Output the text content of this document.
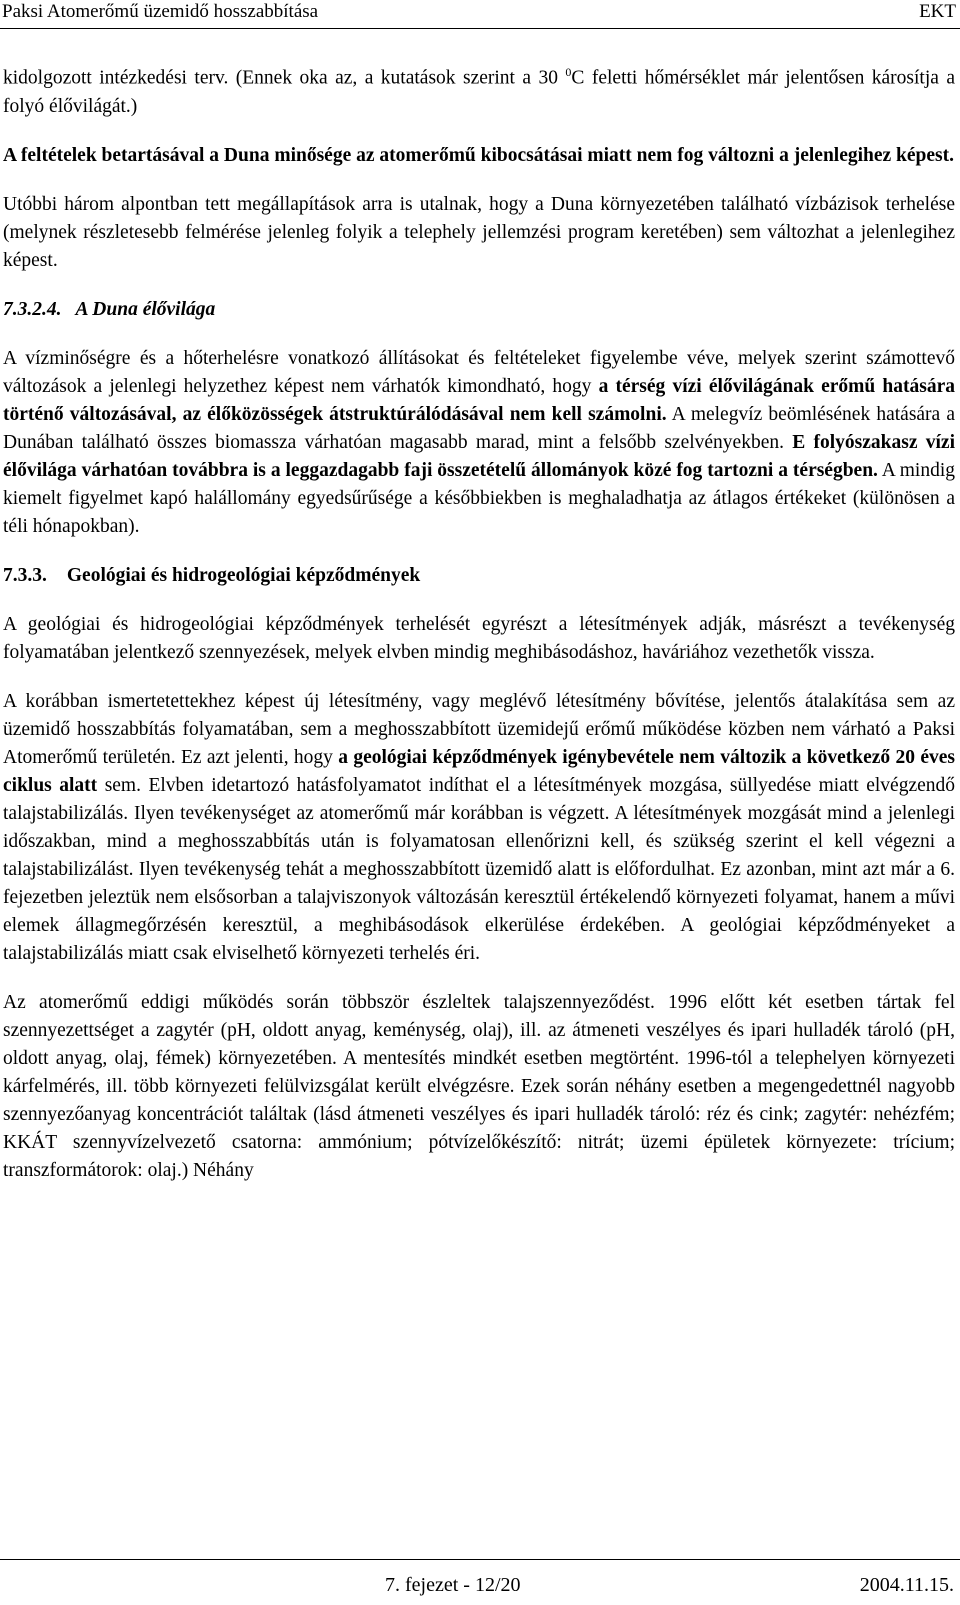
Paksi Atomerőmű üzemidő hosszabbítása	EKT

kidolgozott intézkedési terv. (Ennek oka az, a kutatások szerint a 30 $^0$C feletti hőmérséklet már jelentősen károsítja a folyó élővilágát.)

A feltételek betartásával a Duna minősége az atomerőmű kibocsátásai miatt nem fog változni a jelenlegihez képest.

Utóbbi három alpontban tett megállapítások arra is utalnak, hogy a Duna környezetében található vízbázisok terhelése (melynek részletesebb felmérése jelenleg folyik a telephely jellemzési program keretében) sem változhat a jelenlegihez képest.

7.3.2.4. A Duna élővilága

A vízminőségre és a hőterhelésre vonatkozó állításokat és feltételeket figyelembe véve, melyek szerint számottevő változások a jelenlegi helyzethez képest nem várhatók kimondható, hogy a térség vízi élővilágának erőmű hatására történő változásával, az élőközösségek átstruktúrálódásával nem kell számolni. A melegvíz beömlésének hatására a Dunában található összes biomassza várhatóan magasabb marad, mint a felsőbb szelvényekben. E folyószakasz vízi élővilága várhatóan továbbra is a leggazdagabb faji összetételű állományok közé fog tartozni a térségben. A mindig kiemelt figyelmet kapó halállomány egyedsűrűsége a későbbiekben is meghaladhatja az átlagos értékeket (különösen a téli hónapokban).

7.3.3. Geológiai és hidrogeológiai képződmények

A geológiai és hidrogeológiai képződmények terhelését egyrészt a létesítmények adják, másrészt a tevékenység folyamatában jelentkező szennyezések, melyek elvben mindig meghibásodáshoz, haváriához vezethetők vissza.

A korábban ismertetettekhez képest új létesítmény, vagy meglévő létesítmény bővítése, jelentős átalakítása sem az üzemidő hosszabbítás folyamatában, sem a meghosszabbított üzemidejű erőmű működése közben nem várható a Paksi Atomerőmű területén. Ez azt jelenti, hogy a geológiai képződmények igénybevétele nem változik a következő 20 éves ciklus alatt sem. Elvben idetartozó hatásfolyamatot indíthat el a létesítmények mozgása, süllyedése miatt elvégzendő talajstabilizálás. Ilyen tevékenységet az atomerőmű már korábban is végzett. A létesítmények mozgását mind a jelenlegi időszakban, mind a meghosszabbítás után is folyamatosan ellenőrizni kell, és szükség szerint el kell végezni a talajstabilizálást. Ilyen tevékenység tehát a meghosszabbított üzemidő alatt is előfordulhat. Ez azonban, mint azt már a 6. fejezetben jeleztük nem elsősorban a talajviszonyok változásán keresztül értékelendő környezeti folyamat, hanem a művi elemek állagmegőrzésén keresztül, a meghibásodások elkerülése érdekében. A geológiai képződményeket a talajstabilizálás miatt csak elviselhető környezeti terhelés éri.

Az atomerőmű eddigi működés során többször észleltek talajszennyeződést. 1996 előtt két esetben tártak fel szennyezettséget a zagytér (pH, oldott anyag, keménység, olaj), ill. az átmeneti veszélyes és ipari hulladék tároló (pH, oldott anyag, olaj, fémek) környezetében. A mentesítés mindkét esetben megtörtént. 1996-tól a telephelyen környezeti kárfelmérés, ill. több környezeti felülvizsgálat került elvégzésre. Ezek során néhány esetben a megengedettnél nagyobb szennyezőanyag koncentrációt találtak (lásd átmeneti veszélyes és ipari hulladék tároló: réz és cink; zagytér: nehézfém; KKÁT szennyvízelvezető csatorna: ammónium; pótvízelőkészítő: nitrát; üzemi épületek környezete: trícium; transzformátorok: olaj.) Néhány

7. fejezet - 12/20	2004.11.15.
